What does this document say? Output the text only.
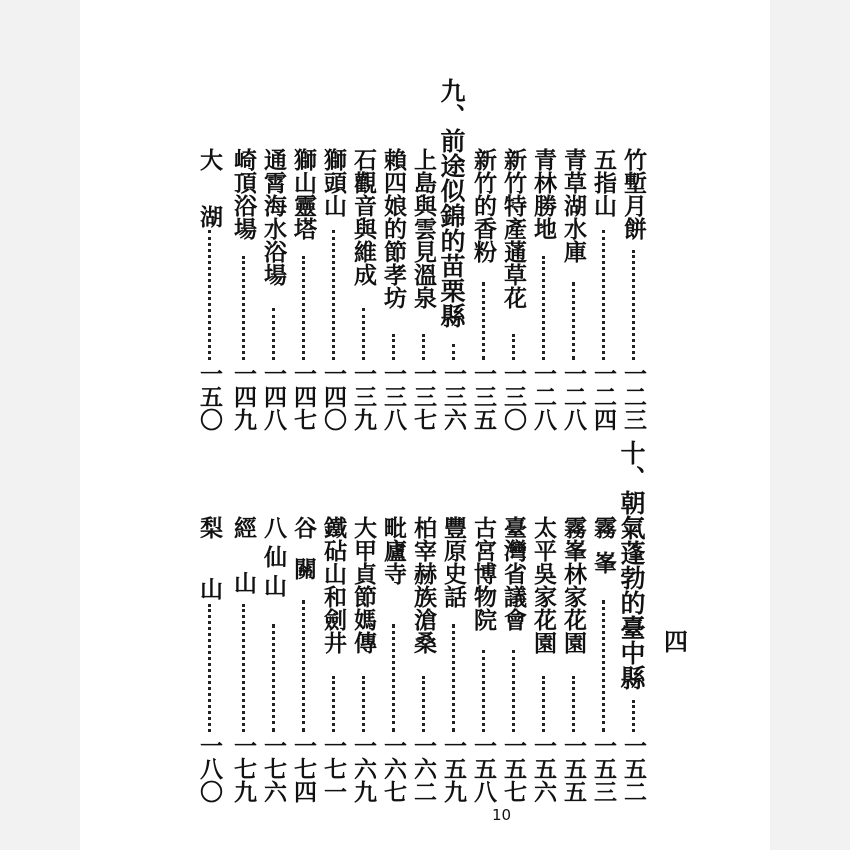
竹塹月餅
一二三
五指山
一二四
青草湖水庫
一二八
青林勝地
一二八
新竹特產蓪草花
一三〇
新竹的香粉
一三五
九、前途似錦的苗栗縣
一三六
上島與雲見溫泉
一三七
賴四娘的節孝坊
一三八
石觀音與維成
一三九
獅頭山
一四〇
獅山靈塔
一四七
通霄海水浴場
一四八
崎頂浴場
一四九
大湖
一五〇
十、朝氣蓬勃的臺中縣
一五二
霧峯
一五三
霧峯林家花園
一五五
太平吳家花園
一五六
臺灣省議會
一五七
古宮博物院
一五八
豐原史話
一五九
柏宰赫族滄桑
一六二
毗廬寺
一六七
大甲貞節媽傳
一六九
鐵砧山和劍井
一七一
谷關
一七四
八仙山
一七六
經山
一七九
梨山
一八〇
四
10
